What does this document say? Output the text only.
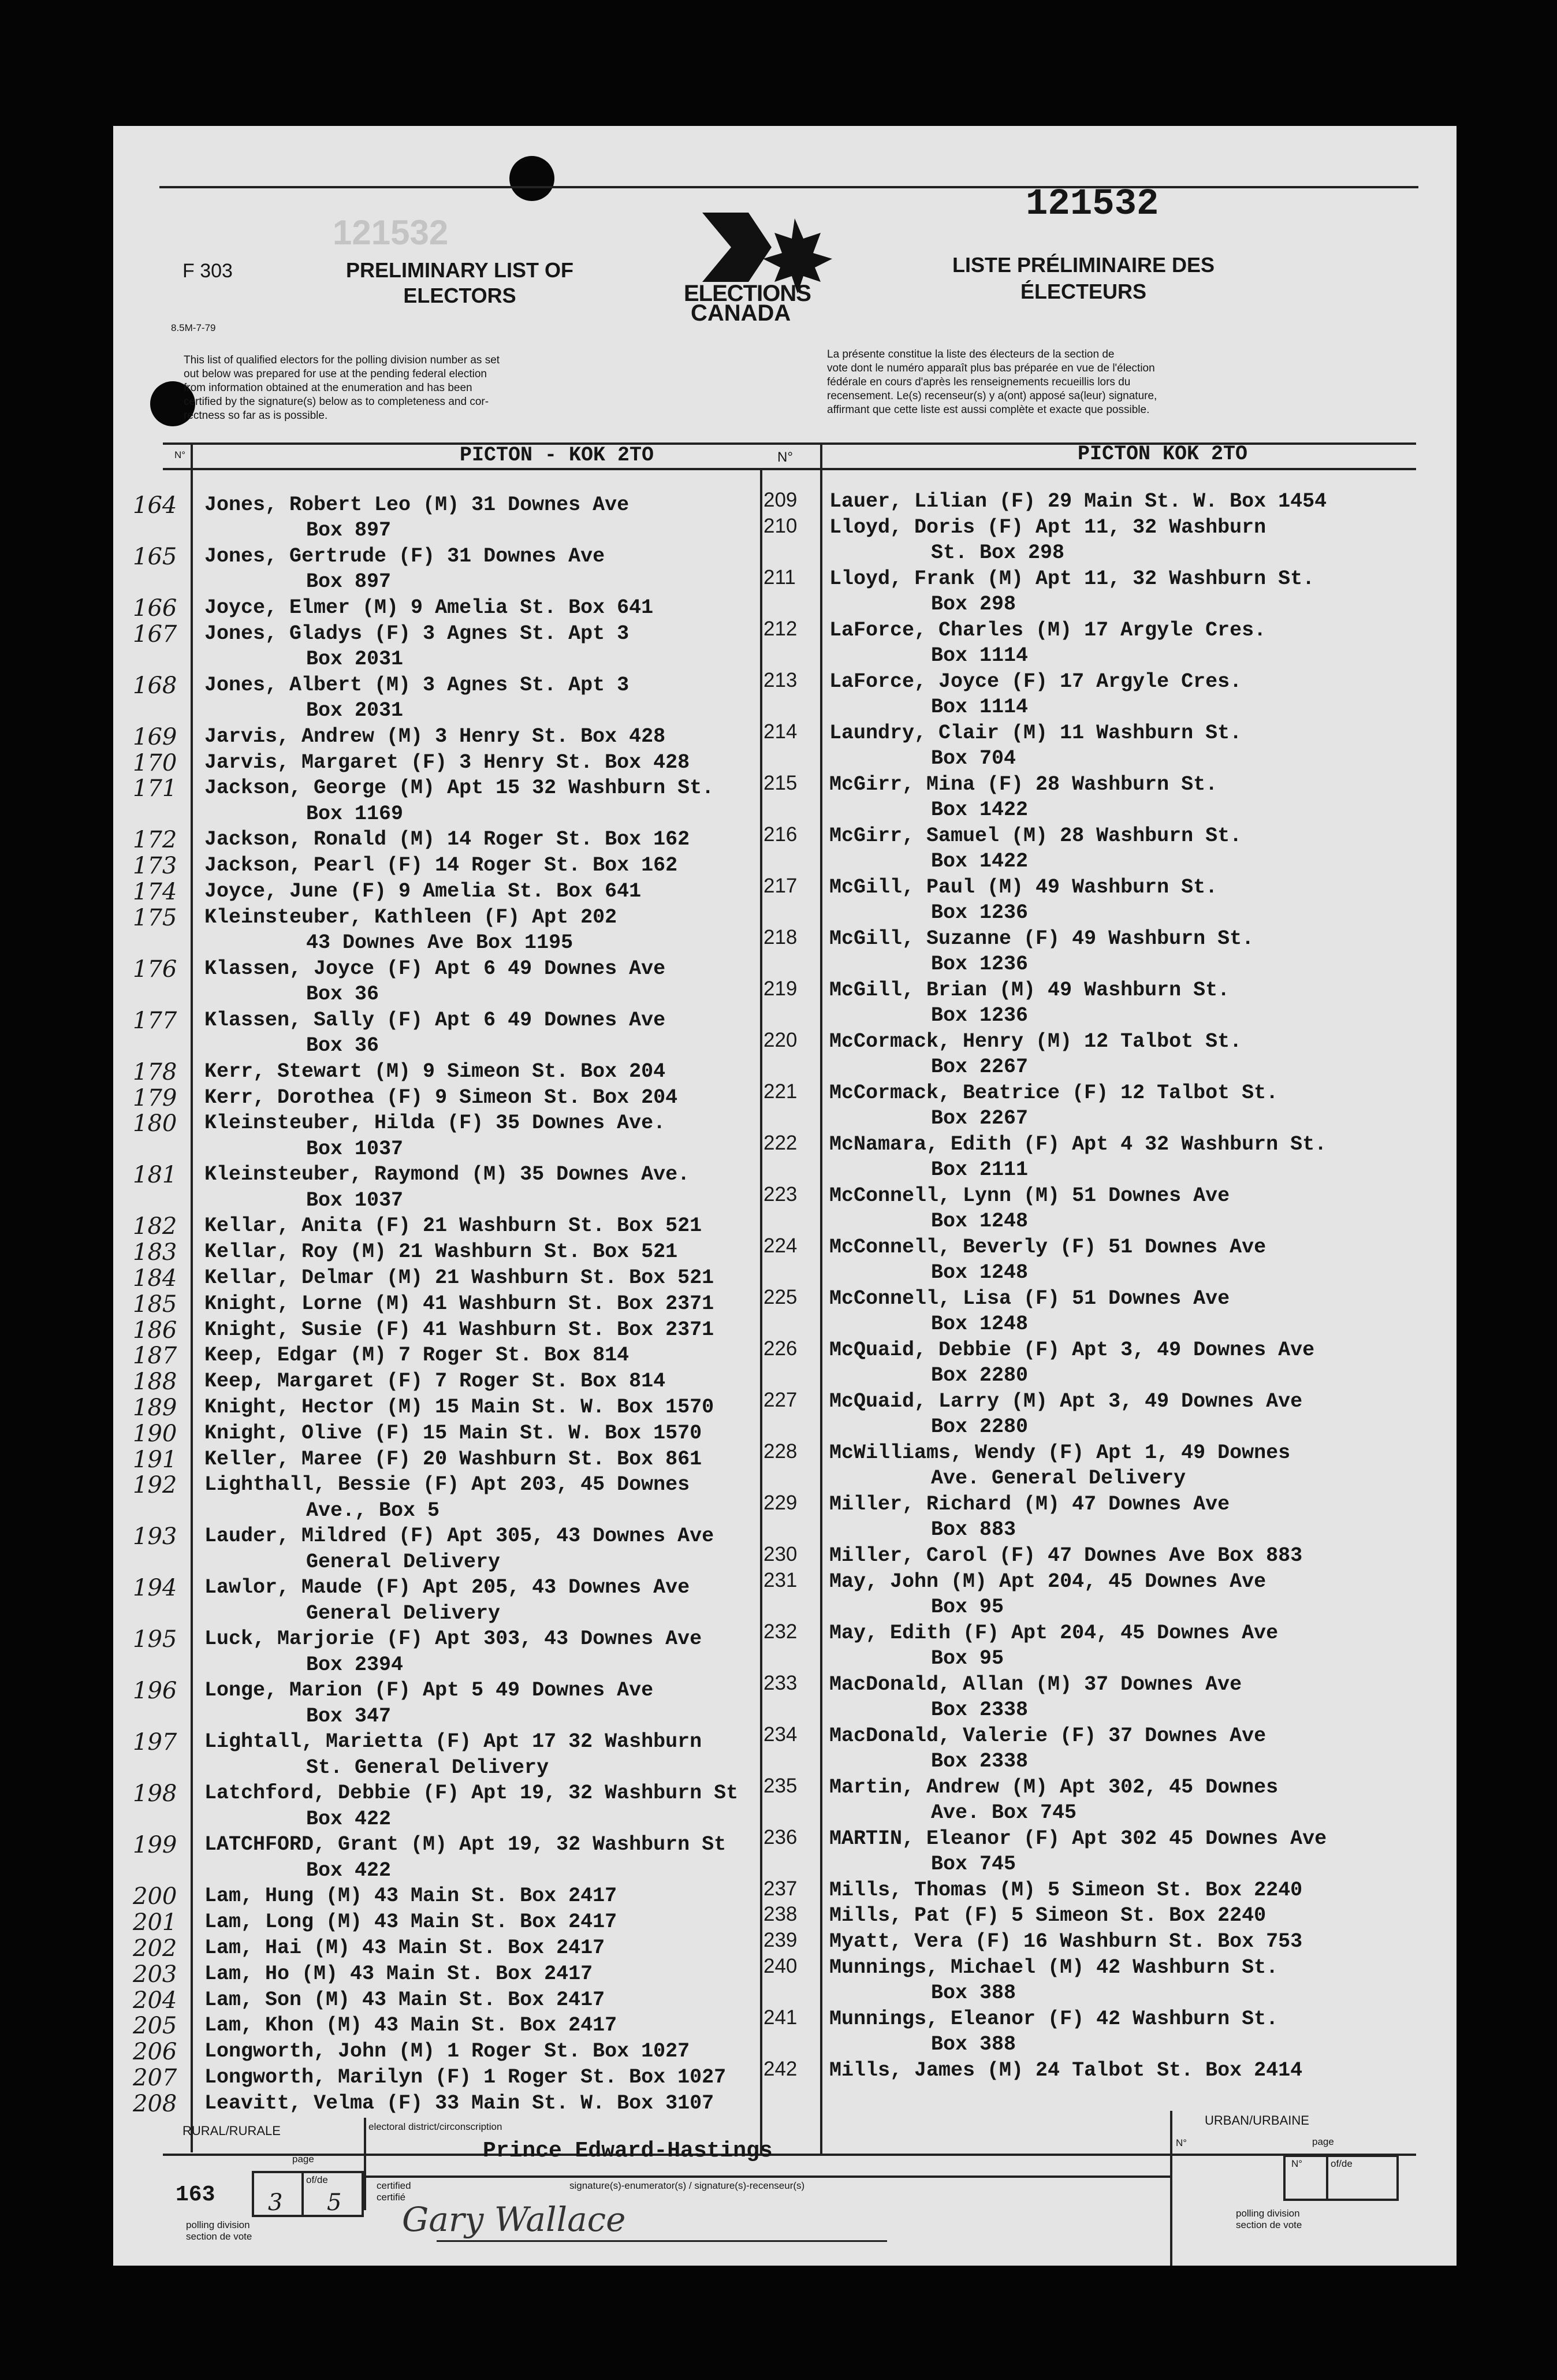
F 303
8.5M-7-79
121532
PRELIMINARY LIST OF
ELECTORS	ELECTIONS
CANADA
121532
LISTE PRÉLIMINAIRE DES
ÉLECTEURS
This list of qualified electors for the polling division number as set
out below was prepared for use at the pending federal election
from information obtained at the enumeration and has been
certified by the signature(s) below as to completeness and cor-
rectness so far as is possible.
La présente constitue la liste des électeurs de la section de
vote dont le numéro apparaît plus bas préparée en vue de l'élection
fédérale en cours d'après les renseignements recueillis lors du
recensement. Le(s) recenseur(s) y a(ont) apposé sa(leur) signature,
affirmant que cette liste est aussi complète et exacte que possible.
N°	PICTON - KOK 2TO	N°	PICTON KOK 2TO
164 Jones, Robert Leo (M) 31 Downes Ave
Box 897
165 Jones, Gertrude (F) 31 Downes Ave
Box 897
166 Joyce, Elmer (M) 9 Amelia St. Box 641
167 Jones, Gladys (F) 3 Agnes St. Apt 3
Box 2031
168 Jones, Albert (M) 3 Agnes St. Apt 3
Box 2031
169 Jarvis, Andrew (M) 3 Henry St. Box 428
170 Jarvis, Margaret (F) 3 Henry St. Box 428
171 Jackson, George (M) Apt 15 32 Washburn St.
Box 1169
172 Jackson, Ronald (M) 14 Roger St. Box 162
173 Jackson, Pearl (F) 14 Roger St. Box 162
174 Joyce, June (F) 9 Amelia St. Box 641
175 Kleinsteuber, Kathleen (F) Apt 202
43 Downes Ave Box 1195
176 Klassen, Joyce (F) Apt 6 49 Downes Ave
Box 36
177 Klassen, Sally (F) Apt 6 49 Downes Ave
Box 36
178 Kerr, Stewart (M) 9 Simeon St. Box 204
179 Kerr, Dorothea (F) 9 Simeon St. Box 204
180 Kleinsteuber, Hilda (F) 35 Downes Ave.
Box 1037
181 Kleinsteuber, Raymond (M) 35 Downes Ave.
Box 1037
182 Kellar, Anita (F) 21 Washburn St. Box 521
183 Kellar, Roy (M) 21 Washburn St. Box 521
184 Kellar, Delmar (M) 21 Washburn St. Box 521
185 Knight, Lorne (M) 41 Washburn St. Box 2371
186 Knight, Susie (F) 41 Washburn St. Box 2371
187 Keep, Edgar (M) 7 Roger St. Box 814
188 Keep, Margaret (F) 7 Roger St. Box 814
189 Knight, Hector (M) 15 Main St. W. Box 1570
190 Knight, Olive (F) 15 Main St. W. Box 1570
191 Keller, Maree (F) 20 Washburn St. Box 861
192 Lighthall, Bessie (F) Apt 203, 45 Downes
Ave., Box 5
193 Lauder, Mildred (F) Apt 305, 43 Downes Ave
General Delivery
194 Lawlor, Maude (F) Apt 205, 43 Downes Ave
General Delivery
195 Luck, Marjorie (F) Apt 303, 43 Downes Ave
Box 2394
196 Longe, Marion (F) Apt 5 49 Downes Ave
Box 347
197 Lightall, Marietta (F) Apt 17 32 Washburn
St. General Delivery
198 Latchford, Debbie (F) Apt 19, 32 Washburn St
Box 422
199 LATCHFORD, Grant (M) Apt 19, 32 Washburn St
Box 422
200 Lam, Hung (M) 43 Main St. Box 2417
201 Lam, Long (M) 43 Main St. Box 2417
202 Lam, Hai (M) 43 Main St. Box 2417
203 Lam, Ho (M) 43 Main St. Box 2417
204 Lam, Son (M) 43 Main St. Box 2417
205 Lam, Khon (M) 43 Main St. Box 2417
206 Longworth, John (M) 1 Roger St. Box 1027
207 Longworth, Marilyn (F) 1 Roger St. Box 1027
208 Leavitt, Velma (F) 33 Main St. W. Box 3107
209 Lauer, Lilian (F) 29 Main St. W. Box 1454
210 Lloyd, Doris (F) Apt 11, 32 Washburn
St. Box 298
211 Lloyd, Frank (M) Apt 11, 32 Washburn St.
Box 298
212 LaForce, Charles (M) 17 Argyle Cres.
Box 1114
213 LaForce, Joyce (F) 17 Argyle Cres.
Box 1114
214 Laundry, Clair (M) 11 Washburn St.
Box 704
215 McGirr, Mina (F) 28 Washburn St.
Box 1422
216 McGirr, Samuel (M) 28 Washburn St.
Box 1422
217 McGill, Paul (M) 49 Washburn St.
Box 1236
218 McGill, Suzanne (F) 49 Washburn St.
Box 1236
219 McGill, Brian (M) 49 Washburn St.
Box 1236
220 McCormack, Henry (M) 12 Talbot St.
Box 2267
221 McCormack, Beatrice (F) 12 Talbot St.
Box 2267
222 McNamara, Edith (F) Apt 4 32 Washburn St.
Box 2111
223 McConnell, Lynn (M) 51 Downes Ave
Box 1248
224 McConnell, Beverly (F) 51 Downes Ave
Box 1248
225 McConnell, Lisa (F) 51 Downes Ave
Box 1248
226 McQuaid, Debbie (F) Apt 3, 49 Downes Ave
Box 2280
227 McQuaid, Larry (M) Apt 3, 49 Downes Ave
Box 2280
228 McWilliams, Wendy (F) Apt 1, 49 Downes
Ave. General Delivery
229 Miller, Richard (M) 47 Downes Ave
Box 883
230 Miller, Carol (F) 47 Downes Ave Box 883
231 May, John (M) Apt 204, 45 Downes Ave
Box 95
232 May, Edith (F) Apt 204, 45 Downes Ave
Box 95
233 MacDonald, Allan (M) 37 Downes Ave
Box 2338
234 MacDonald, Valerie (F) 37 Downes Ave
Box 2338
235 Martin, Andrew (M) Apt 302, 45 Downes
Ave. Box 745
236 MARTIN, Eleanor (F) Apt 302 45 Downes Ave
Box 745
237 Mills, Thomas (M) 5 Simeon St. Box 2240
238 Mills, Pat (F) 5 Simeon St. Box 2240
239 Myatt, Vera (F) 16 Washburn St. Box 753
240 Munnings, Michael (M) 42 Washburn St.
Box 388
241 Munnings, Eleanor (F) 42 Washburn St.
Box 388
242 Mills, James (M) 24 Talbot St. Box 2414
RURAL/RURALE
URBAN/URBAINE
electoral district/circonscription
Prince Edward-Hastings
163
page
of/de
3 5
polling division
section de vote
certified
certifié
signature(s)-enumerator(s) / signature(s)-recenseur(s)
Gary Wallace
N°	page
N°	of/de
polling division
section de vote
